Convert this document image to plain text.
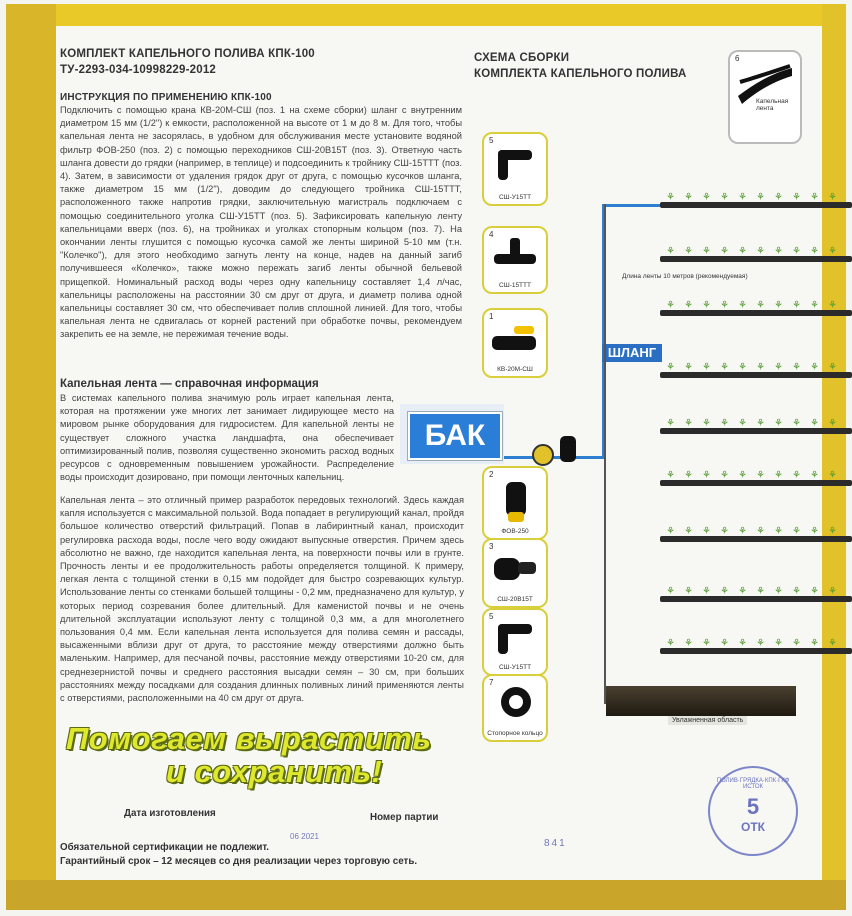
КОМПЛЕКТ КАПЕЛЬНОГО ПОЛИВА КПК-100
ТУ-2293-034-10998229-2012
ИНСТРУКЦИЯ ПО ПРИМЕНЕНИЮ КПК-100
Подключить с помощью крана КВ-20М-СШ (поз. 1 на схеме сборки) шланг с внутренним диаметром 15 мм (1/2") к емкости, расположенной на высоте от 1 м до 8 м. Для того, чтобы капельная лента не засорялась, в удобном для обслуживания месте установите водяной фильтр ФОВ-250 (поз. 2) с помощью переходников СШ-20В15Т (поз. 3). Ответную часть шланга довести до грядки (например, в теплице) и подсоединить к тройнику СШ-15ТТТ (поз. 4). Затем, в зависимости от удаления грядок друг от друга, с помощью кусочков шланга, также диаметром 15 мм (1/2"), доводим до следующего тройника СШ-15ТТТ, расположенного также напротив грядки, заключительную магистраль подключаем с помощью соединительного уголка СШ-У15ТТ (поз. 5). Зафиксировать капельную ленту капельницами вверх (поз. 6), на тройниках и уголках стопорным кольцом (поз. 7). На окончании ленты глушится с помощью кусочка самой же ленты шириной 5-10 мм (т.н. "Колечко"), для этого необходимо загнуть ленту на конце, надев на данный загиб получившееся «Колечко», также можно пережать загиб ленты обычной бельевой прищепкой. Номинальный расход воды через одну капельницу составляет 1,4 л/час, капельницы расположены на расстоянии 30 см друг от друга, и диаметр полива одной капельницы составляет 30 см, что обеспечивает полив сплошной линией. Для того, чтобы капельная лента не сдвигалась от корней растений при обработке почвы, рекомендуем закрепить ее на земле, не пережимая течение воды.
Капельная лента — справочная информация
В системах капельного полива значимую роль играет капельная лента, которая на протяжении уже многих лет занимает лидирующее место на мировом рынке оборудования для гидросистем. Для капельной ленты не существует сложного участка ландшафта, она обеспечивает оптимизированный полив, позволяя существенно экономить расход водных ресурсов с одновременным повышением урожайности. Распределение воды происходит дозировано, при помощи ленточных капельниц.
Капельная лента – это отличный пример разработок передовых технологий. Здесь каждая капля используется с максимальной пользой. Вода попадает в регулирующий канал, пройдя большое количество отверстий фильтраций. Попав в лабиринтный канал, происходит регулировка расхода воды, после чего воду ожидают выпускные отверстия. Причем здесь абсолютно не важно, где находится капельная лента, на поверхности почвы или в грунте. Прочность ленты и ее продолжительность работы определяется толщиной. К примеру, легкая лента с толщиной стенки в 0,15 мм подойдет для быстро созревающих культур. Использование ленты со стенками большей толщины - 0,2 мм, предназначено для культур, у которых период созревания более длительный. Для каменистой почвы и не очень длительной эксплуатации используют ленту с толщиной 0,3 мм, а для многолетнего пользования 0,4 мм. Если капельная лента используется для полива семян и рассады, высаженными вблизи друг от друга, то расстояние между отверстиями должно быть маленьким. Например, для песчаной почвы, расстояние между отверстиями 10-20 см, для среднезернистой почвы и среднего расстояния высадки семян – 30 см, при больших расстояниях между посадками для создания длинных поливных линий применяются ленты с отверстиями, расположенными на 40 см друг от друга.
БАК
Помогаем вырастить
и сохранить!
Дата изготовления	Номер партии
06 2021
841
Обязательной сертификации не подлежит.
Гарантийный срок – 12 месяцев со дня реализации через торговую сеть.
СХЕМА СБОРКИ
КОМПЛЕКТА КАПЕЛЬНОГО ПОЛИВА
6
Капельная лента
5
СШ-У15ТТ
4
СШ-15ТТТ
1
КВ-20М-СШ
2
ФОВ-250
3
СШ-20В15Т
5
СШ-У15ТТ
7
Стопорное кольцо
ШЛАНГ
⚘ ⚘ ⚘ ⚘ ⚘ ⚘ ⚘ ⚘ ⚘ ⚘
⚘ ⚘ ⚘ ⚘ ⚘ ⚘ ⚘ ⚘ ⚘ ⚘
⚘ ⚘ ⚘ ⚘ ⚘ ⚘ ⚘ ⚘ ⚘ ⚘
⚘ ⚘ ⚘ ⚘ ⚘ ⚘ ⚘ ⚘ ⚘ ⚘
⚘ ⚘ ⚘ ⚘ ⚘ ⚘ ⚘ ⚘ ⚘ ⚘
⚘ ⚘ ⚘ ⚘ ⚘ ⚘ ⚘ ⚘ ⚘ ⚘
⚘ ⚘ ⚘ ⚘ ⚘ ⚘ ⚘ ⚘ ⚘ ⚘
⚘ ⚘ ⚘ ⚘ ⚘ ⚘ ⚘ ⚘ ⚘ ⚘
⚘ ⚘ ⚘ ⚘ ⚘ ⚘ ⚘ ⚘ ⚘ ⚘
Длина ленты 10 метров (рекомендуемая)
Увлажненная область
ПОЛИВ·ГРЯДКА·КПК·ГКФ ИСТОК
5
ОТК
